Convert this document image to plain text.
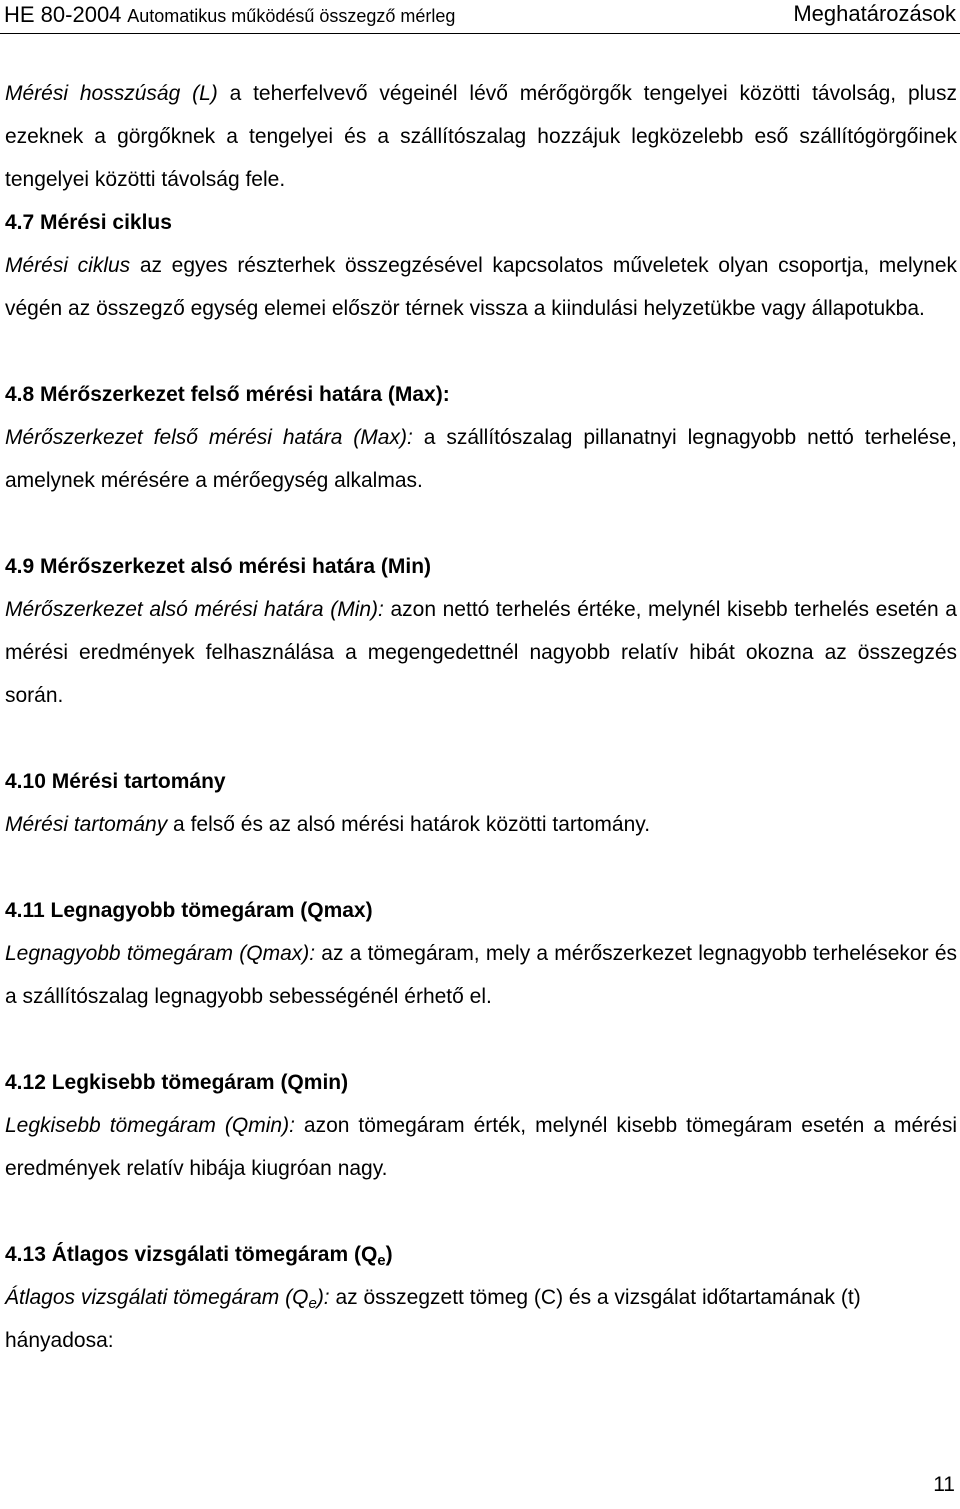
HE 80-2004 Automatikus működésű összegző mérleg	Meghatározások

Mérési hosszúság (L) a teherfelvevő végeinél lévő mérőgörgők tengelyei közötti távolság, plusz ezeknek a görgőknek a tengelyei és a szállítószalag hozzájuk legközelebb eső szállítógörgőinek tengelyei közötti távolság fele.

4.7 Mérési ciklus

Mérési ciklus az egyes részterhek összegzésével kapcsolatos műveletek olyan csoportja, melynek végén az összegző egység elemei először térnek vissza a kiindulási helyzetükbe vagy állapotukba.

4.8 Mérőszerkezet felső mérési határa (Max):

Mérőszerkezet felső mérési határa (Max): a szállítószalag pillanatnyi legnagyobb nettó terhelése, amelynek mérésére a mérőegység alkalmas.

4.9 Mérőszerkezet alsó mérési határa (Min)

Mérőszerkezet alsó mérési határa (Min): azon nettó terhelés értéke, melynél kisebb terhelés esetén a mérési eredmények felhasználása a megengedettnél nagyobb relatív hibát okozna az összegzés során.

4.10 Mérési tartomány

Mérési tartomány a felső és az alsó mérési határok közötti tartomány.

4.11 Legnagyobb tömegáram (Qmax)

Legnagyobb tömegáram (Qmax): az a tömegáram, mely a mérőszerkezet legnagyobb terhelésekor és a szállítószalag legnagyobb sebességénél érhető el.

4.12 Legkisebb tömegáram (Qmin)

Legkisebb tömegáram (Qmin): azon tömegáram érték, melynél kisebb tömegáram esetén a mérési eredmények relatív hibája kiugróan nagy.

4.13 Átlagos vizsgálati tömegáram $(Q_e)$

Átlagos vizsgálati tömegáram $(Q_e)$: az összegzett tömeg (C) és a vizsgálat időtartamának (t) hányadosa:

11
